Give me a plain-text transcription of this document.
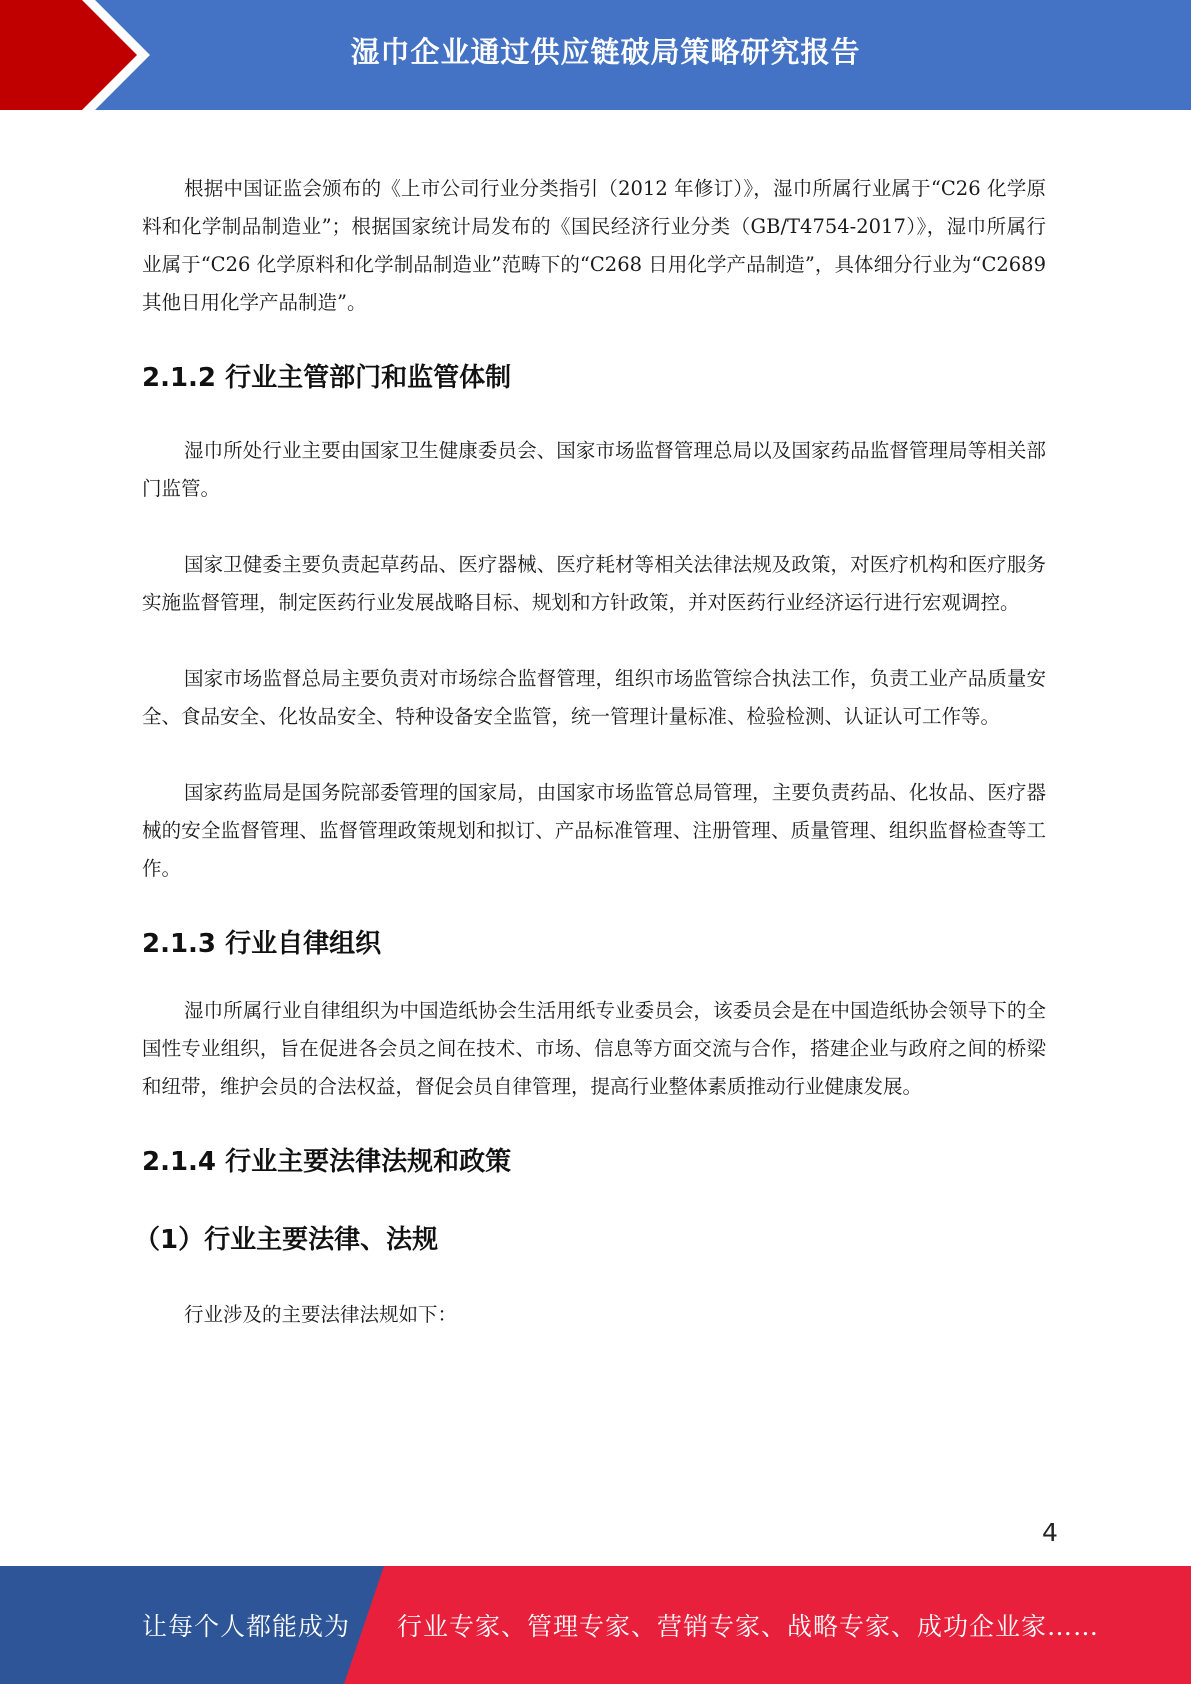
湿巾企业通过供应链破局策略研究报告

根据中国证监会颁布的《上市公司行业分类指引（2012 年修订）》，湿巾所属行业属于“C26 化学原料和化学制品制造业”；根据国家统计局发布的《国民经济行业分类（GB/T4754-2017）》，湿巾所属行业属于“C26 化学原料和化学制品制造业”范畴下的“C268 日用化学产品制造”，具体细分行业为“C2689 其他日用化学产品制造”。

2.1.2 行业主管部门和监管体制

湿巾所处行业主要由国家卫生健康委员会、国家市场监督管理总局以及国家药品监督管理局等相关部门监管。

国家卫健委主要负责起草药品、医疗器械、医疗耗材等相关法律法规及政策，对医疗机构和医疗服务实施监督管理，制定医药行业发展战略目标、规划和方针政策，并对医药行业经济运行进行宏观调控。

国家市场监督总局主要负责对市场综合监督管理，组织市场监管综合执法工作，负责工业产品质量安全、食品安全、化妆品安全、特种设备安全监管，统一管理计量标准、检验检测、认证认可工作等。

国家药监局是国务院部委管理的国家局，由国家市场监管总局管理，主要负责药品、化妆品、医疗器械的安全监督管理、监督管理政策规划和拟订、产品标准管理、注册管理、质量管理、组织监督检查等工作。

2.1.3 行业自律组织

湿巾所属行业自律组织为中国造纸协会生活用纸专业委员会，该委员会是在中国造纸协会领导下的全国性专业组织，旨在促进各会员之间在技术、市场、信息等方面交流与合作，搭建企业与政府之间的桥梁和纽带，维护会员的合法权益，督促会员自律管理，提高行业整体素质推动行业健康发展。

2.1.4 行业主要法律法规和政策
（1）行业主要法律、法规

行业涉及的主要法律法规如下：

4
让每个人都能成为 行业专家、管理专家、营销专家、战略专家、成功企业家……
